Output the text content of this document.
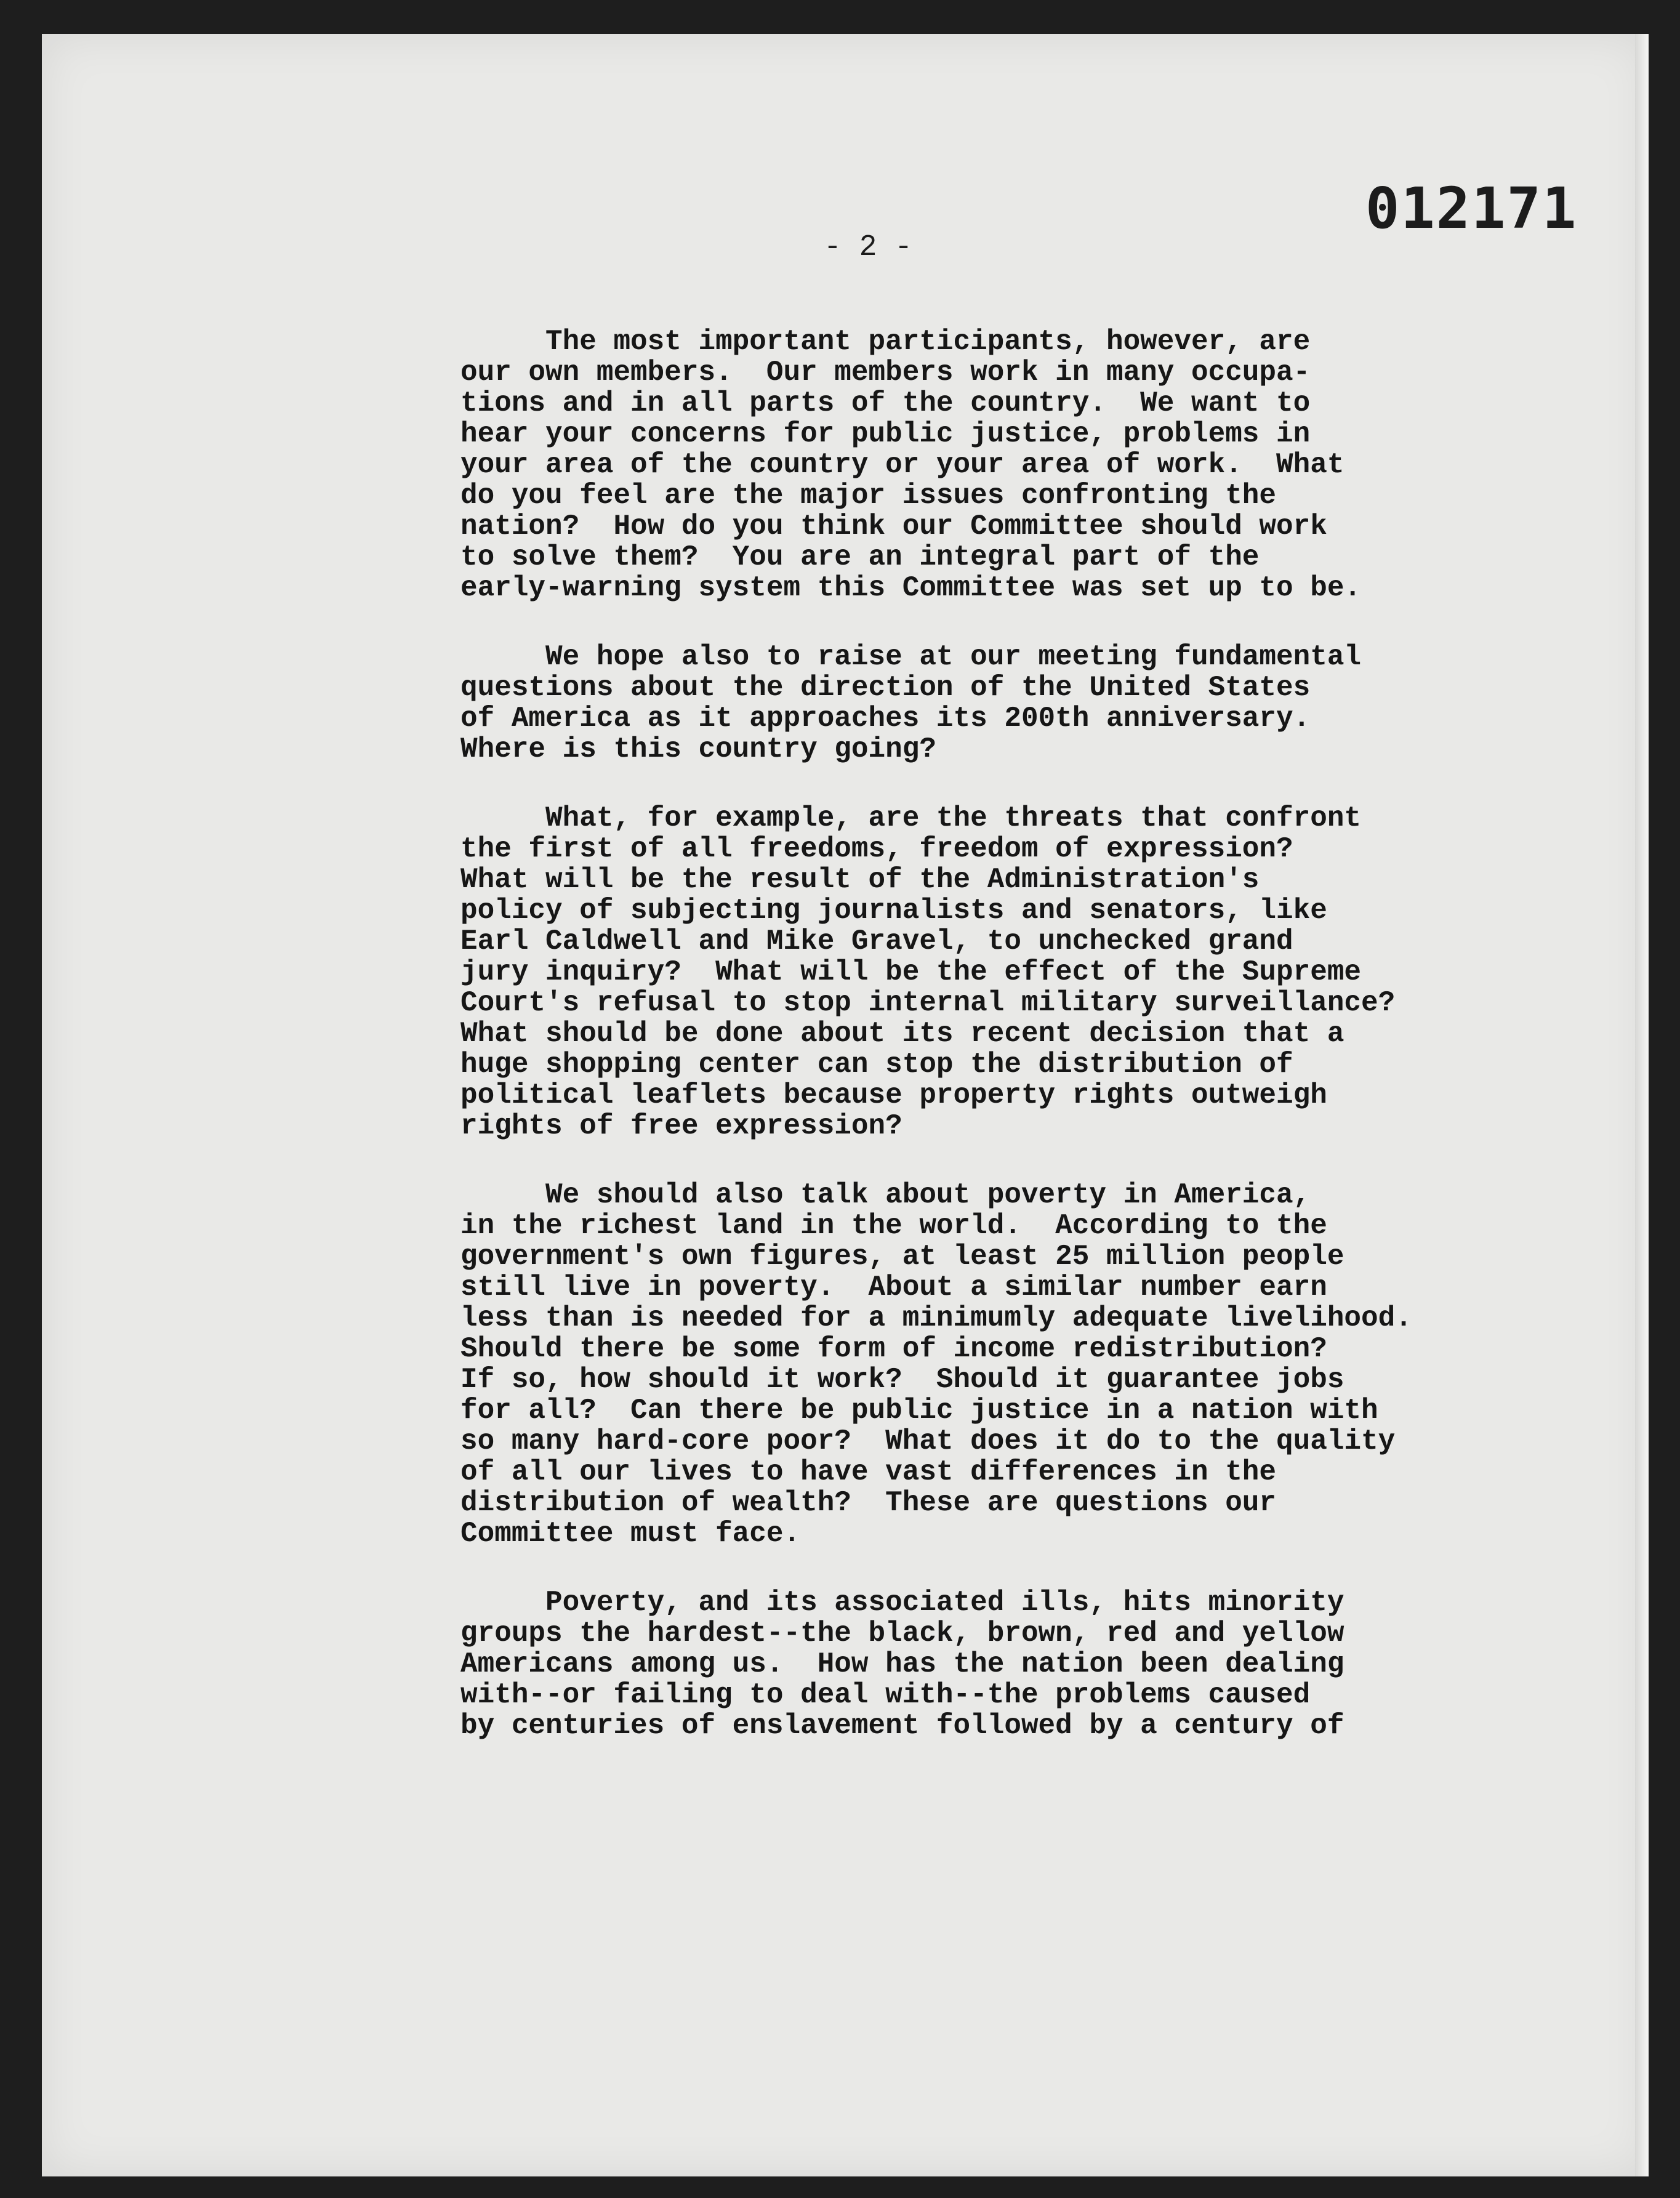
012171

- 2 -

The most important participants, however, are
our own members.  Our members work in many occupa-
tions and in all parts of the country.  We want to
hear your concerns for public justice, problems in
your area of the country or your area of work.  What
do you feel are the major issues confronting the
nation?  How do you think our Committee should work
to solve them?  You are an integral part of the
early-warning system this Committee was set up to be.
We hope also to raise at our meeting fundamental
questions about the direction of the United States
of America as it approaches its 200th anniversary.
Where is this country going?
What, for example, are the threats that confront
the first of all freedoms, freedom of expression?
What will be the result of the Administration's
policy of subjecting journalists and senators, like
Earl Caldwell and Mike Gravel, to unchecked grand
jury inquiry?  What will be the effect of the Supreme
Court's refusal to stop internal military surveillance?
What should be done about its recent decision that a
huge shopping center can stop the distribution of
political leaflets because property rights outweigh
rights of free expression?
We should also talk about poverty in America,
in the richest land in the world.  According to the
government's own figures, at least 25 million people
still live in poverty.  About a similar number earn
less than is needed for a minimumly adequate livelihood.
Should there be some form of income redistribution?
If so, how should it work?  Should it guarantee jobs
for all?  Can there be public justice in a nation with
so many hard-core poor?  What does it do to the quality
of all our lives to have vast differences in the
distribution of wealth?  These are questions our
Committee must face.
Poverty, and its associated ills, hits minority
groups the hardest--the black, brown, red and yellow
Americans among us.  How has the nation been dealing
with--or failing to deal with--the problems caused
by centuries of enslavement followed by a century of
